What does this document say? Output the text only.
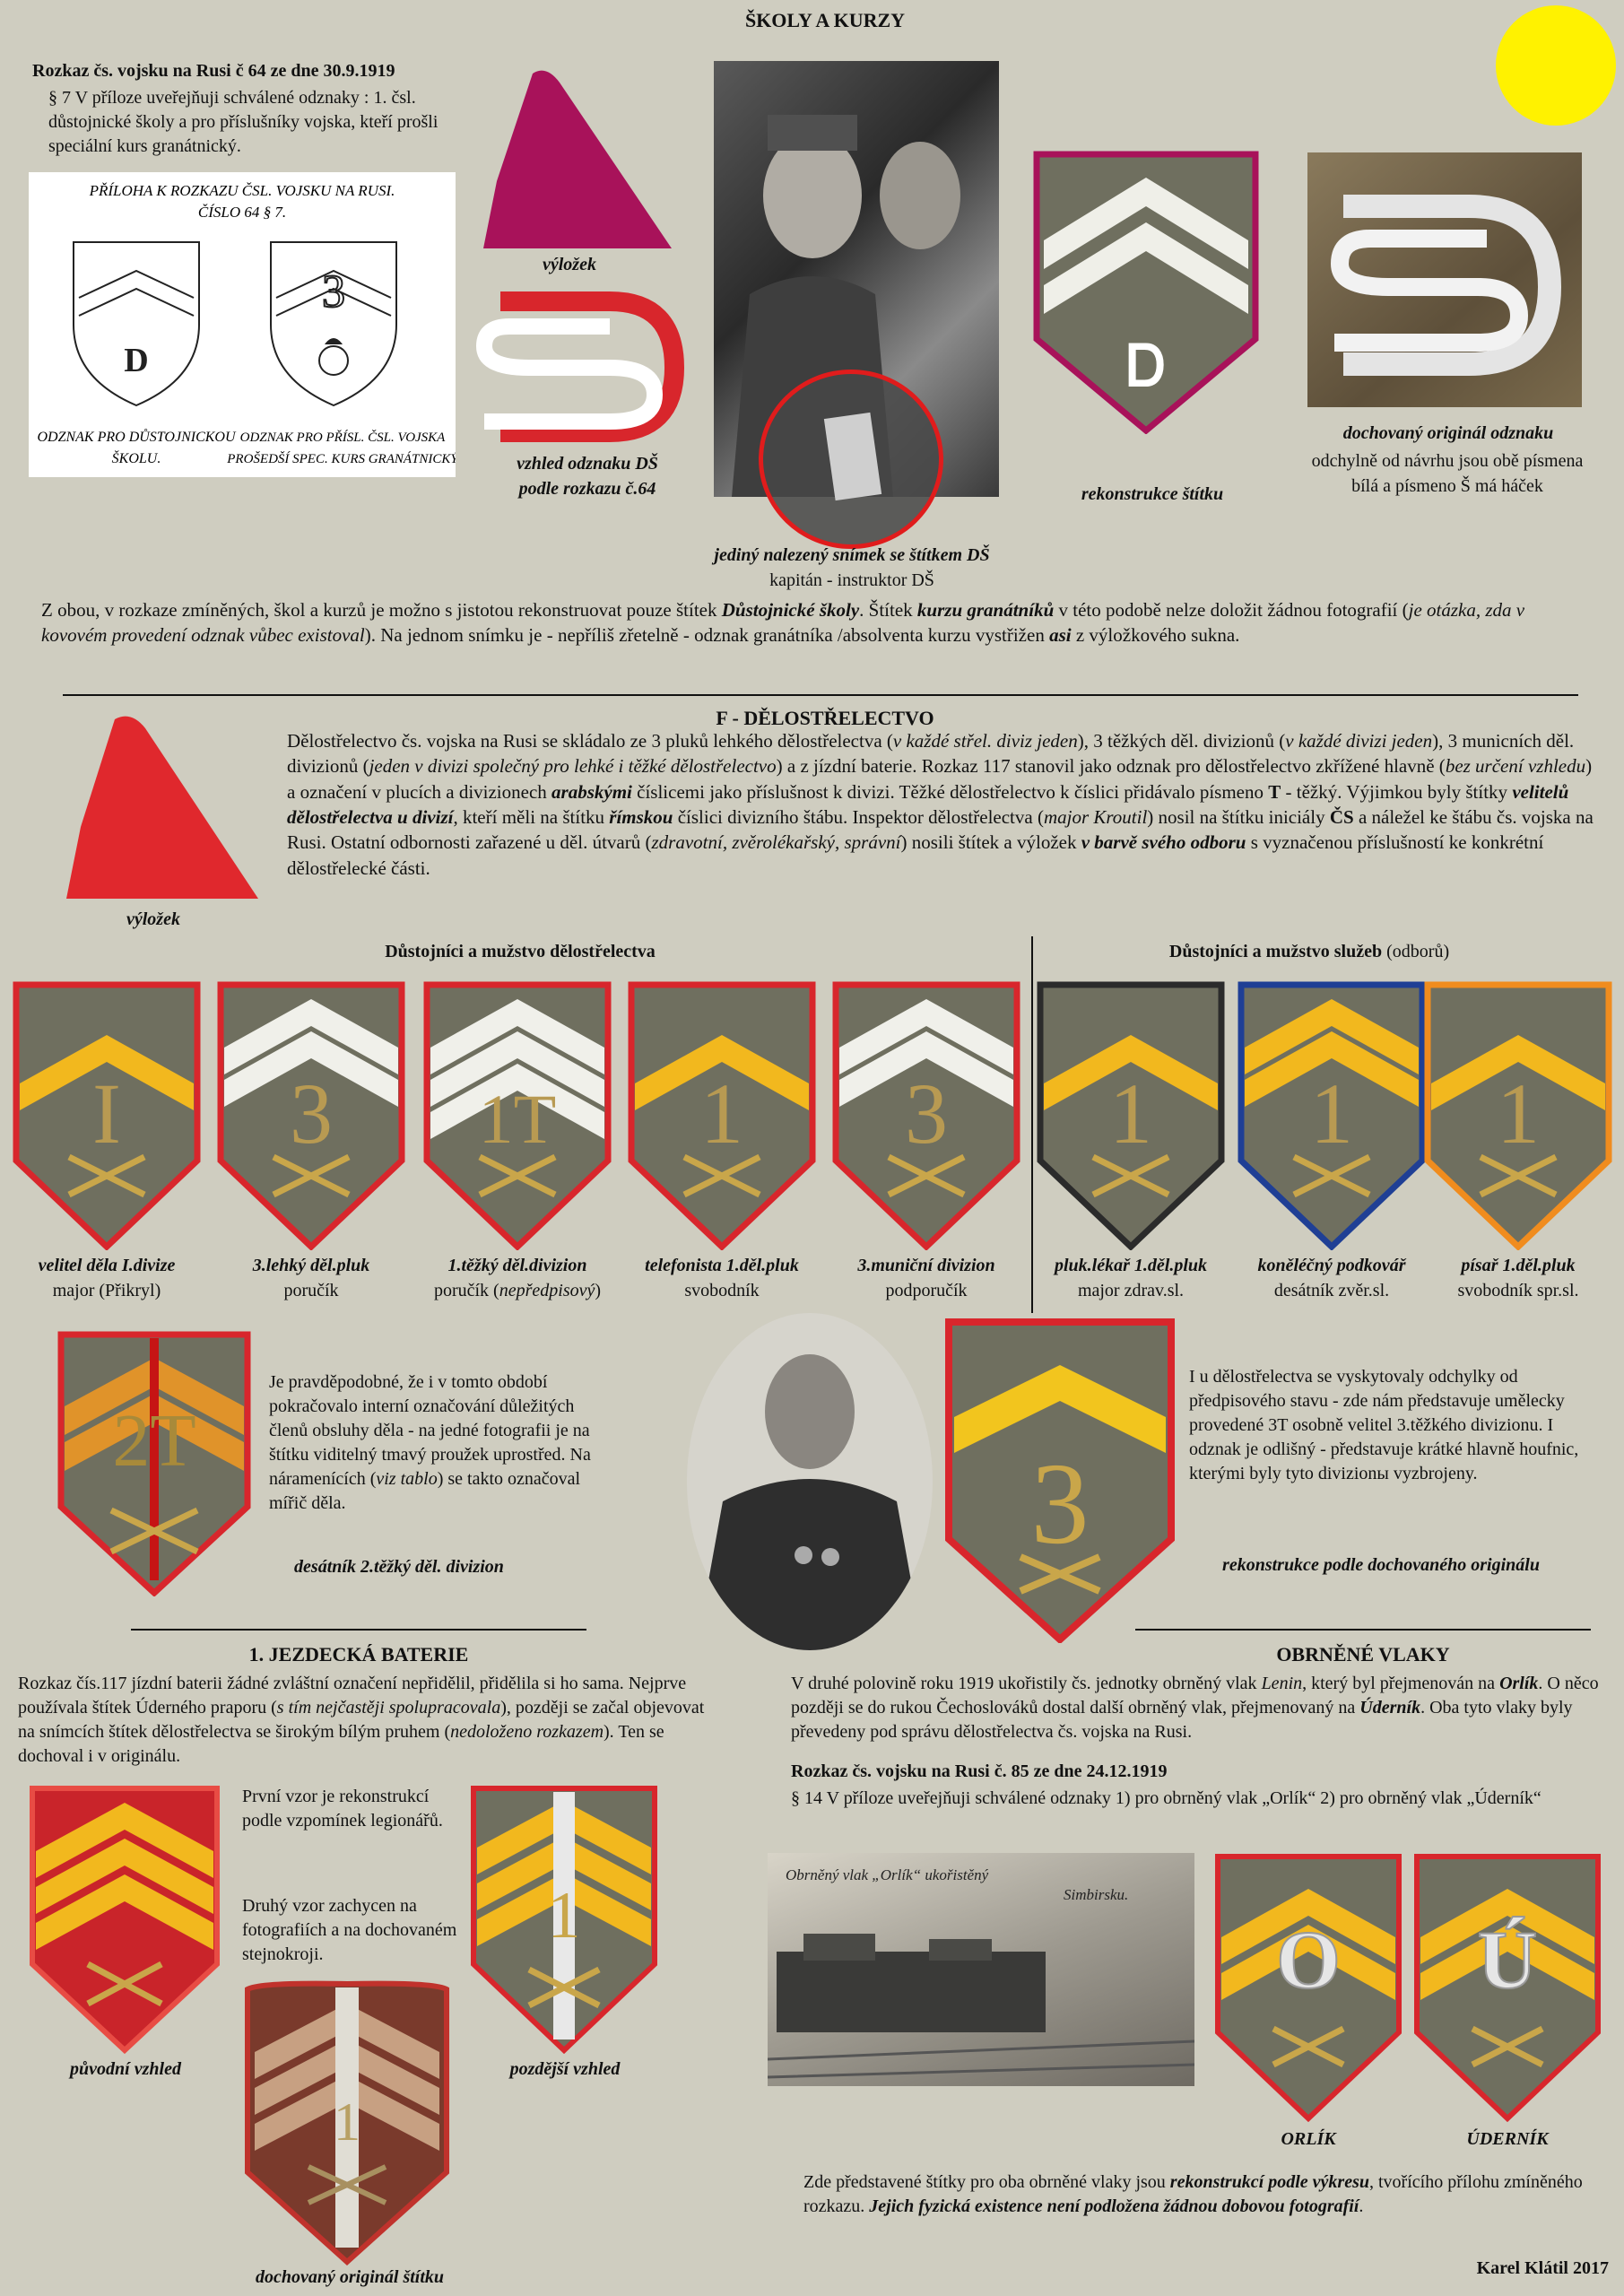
ŠKOLY A KURZY
Rozkaz čs. vojsku na Rusi č 64 ze dne 30.9.1919
§ 7 V příloze uveřejňuji schválené odznaky : 1. čsl. důstojnické školy a pro příslušníky vojska, kteří prošli speciální kurs granátnický.
PŘÍLOHA K ROZKAZU ČSL. VOJSKU NA RUSI.
ČÍSLO 64 § 7.
D
3
ODZNAK PRO DŮSTOJNICKOU
ŠKOLU.
ODZNAK PRO PŘÍSL. ČSL. VOJSKA
PROŠEDŠÍ SPEC. KURS GRANÁTNICKÝ
výložek
vzhled odznaku DŠ
podle rozkazu č.64
jediný nalezený snímek se štítkem DŠ
kapitán - instruktor DŠ
Ꭰ
rekonstrukce štítku
dochovaný originál odznaku
odchylně od návrhu jsou obě písmena bílá a písmeno Š má háček
Z obou, v rozkaze zmíněných, škol a kurzů je možno s jistotou rekonstruovat pouze štítek Důstojnické školy. Štítek kurzu granátníků v této podobě nelze doložit žádnou fotografií (je otázka, zda v kovovém provedení odznak vůbec existoval). Na jednom snímku je - nepříliš zřetelně - odznak granátníka /absolventa kurzu vystřižen asi z výložkového sukna.
F - DĚLOSTŘELECTVO
výložek
Dělostřelectvo čs. vojska na Rusi se skládalo ze 3 pluků lehkého dělostřelectva (v každé střel. diviz jeden), 3 těžkých děl. divizionů (v každé divizi jeden), 3 municních děl. divizionů (jeden v divizi společný pro lehké i těžké dělostřelectvo) a z jízdní baterie. Rozkaz 117 stanovil jako odznak pro dělostřelectvo zkřížené hlavně (bez určení vzhledu) a označení v plucích a divizionech arabskými číslicemi jako příslušnost k divizi. Těžké dělostřelectvo k číslici přidávalo písmeno T - těžký. Výjimkou byly štítky velitelů dělostřelectva u divizí, kteří měli na štítku římskou číslici divizního štábu. Inspektor dělostřelectva (major Kroutil) nosil na štítku iniciály ČS a náležel ke štábu čs. vojska na Rusi. Ostatní odbornosti zařazené u děl. útvarů (zdravotní, zvěrolékařský, správní) nosili štítek a výložek v barvě svého odboru s vyznačenou příslušností ke konkrétní dělostřelecké části.
Důstojníci a mužstvo dělostřelectva	Důstojníci a mužstvo služeb (odborů)
I
velitel děla I.divize
major (Přikryl)
3
3.lehký děl.pluk
poručík
1T
1.těžký děl.divizion
poručík (nepředpisový)
1
telefonista 1.děl.pluk
svobodník
3
3.muniční divizion
podporučík
1
pluk.lékař 1.děl.pluk
major zdrav.sl.
1
koněléčný podkovář
desátník zvěr.sl.
1
písař 1.děl.pluk
svobodník spr.sl.
2T
Je pravděpodobné, že i v tomto období pokračovalo interní označování důležitých členů obsluhy děla - na jedné fotografii je na štítku viditelný tmavý proužek uprostřed. Na náramenících (viz tablo) se takto označoval mířič děla.
desátník 2.těžký děl. divizion	3
I u dělostřelectva se vyskytovaly odchylky od předpisového stavu - zde nám představuje umělecky provedené 3T osobně velitel 3.těžkého divizionu. I odznak je odlišný - představuje krátké hlavně houfnic, kterými byly tyto divizionы vyzbrojeny.
rekonstrukce podle dochovaného originálu
1. JEZDECKÁ BATERIE
Rozkaz čís.117 jízdní baterii žádné zvláštní označení nepřidělil, přidělila si ho sama. Nejprve používala štítek Úderného praporu (s tím nejčastěji spolupracovala), později se začal objevovat na snímcích štítek dělostřelectva se širokým bílým pruhem (nedoloženo rozkazem). Ten se dochoval i v originálu.
původní vzhled
První vzor je rekonstrukcí podle vzpomínek legionářů.
Druhý vzor zachycen na fotografiích a na dochovaném stejnokroji.
1
pozdější vzhled
1
dochovaný originál štítku
OBRNĚNÉ VLAKY
V druhé polovině roku 1919 ukořistily čs. jednotky obrněný vlak Lenin, který byl přejmenován na Orlík. O něco později se do rukou Čechoslováků dostal další obrněný vlak, přejmenovaný na Úderník. Oba tyto vlaky byly převedeny pod správu dělostřelectva čs. vojska na Rusi.
Rozkaz čs. vojsku na Rusi č. 85 ze dne 24.12.1919
§ 14 V příloze uveřejňuji schválené odznaky 1) pro obrněný vlak „Orlík“ 2) pro obrněný vlak „Úderník“
Obrněný vlak „Orlík“ ukořistěný
Simbirsku.
O
ORLÍK
Ú
ÚDERNÍK
Zde představené štítky pro oba obrněné vlaky jsou rekonstrukcí podle výkresu, tvořícího přílohu zmíněného rozkazu. Jejich fyzická existence není podložena žádnou dobovou fotografií.
Karel Klátil 2017
